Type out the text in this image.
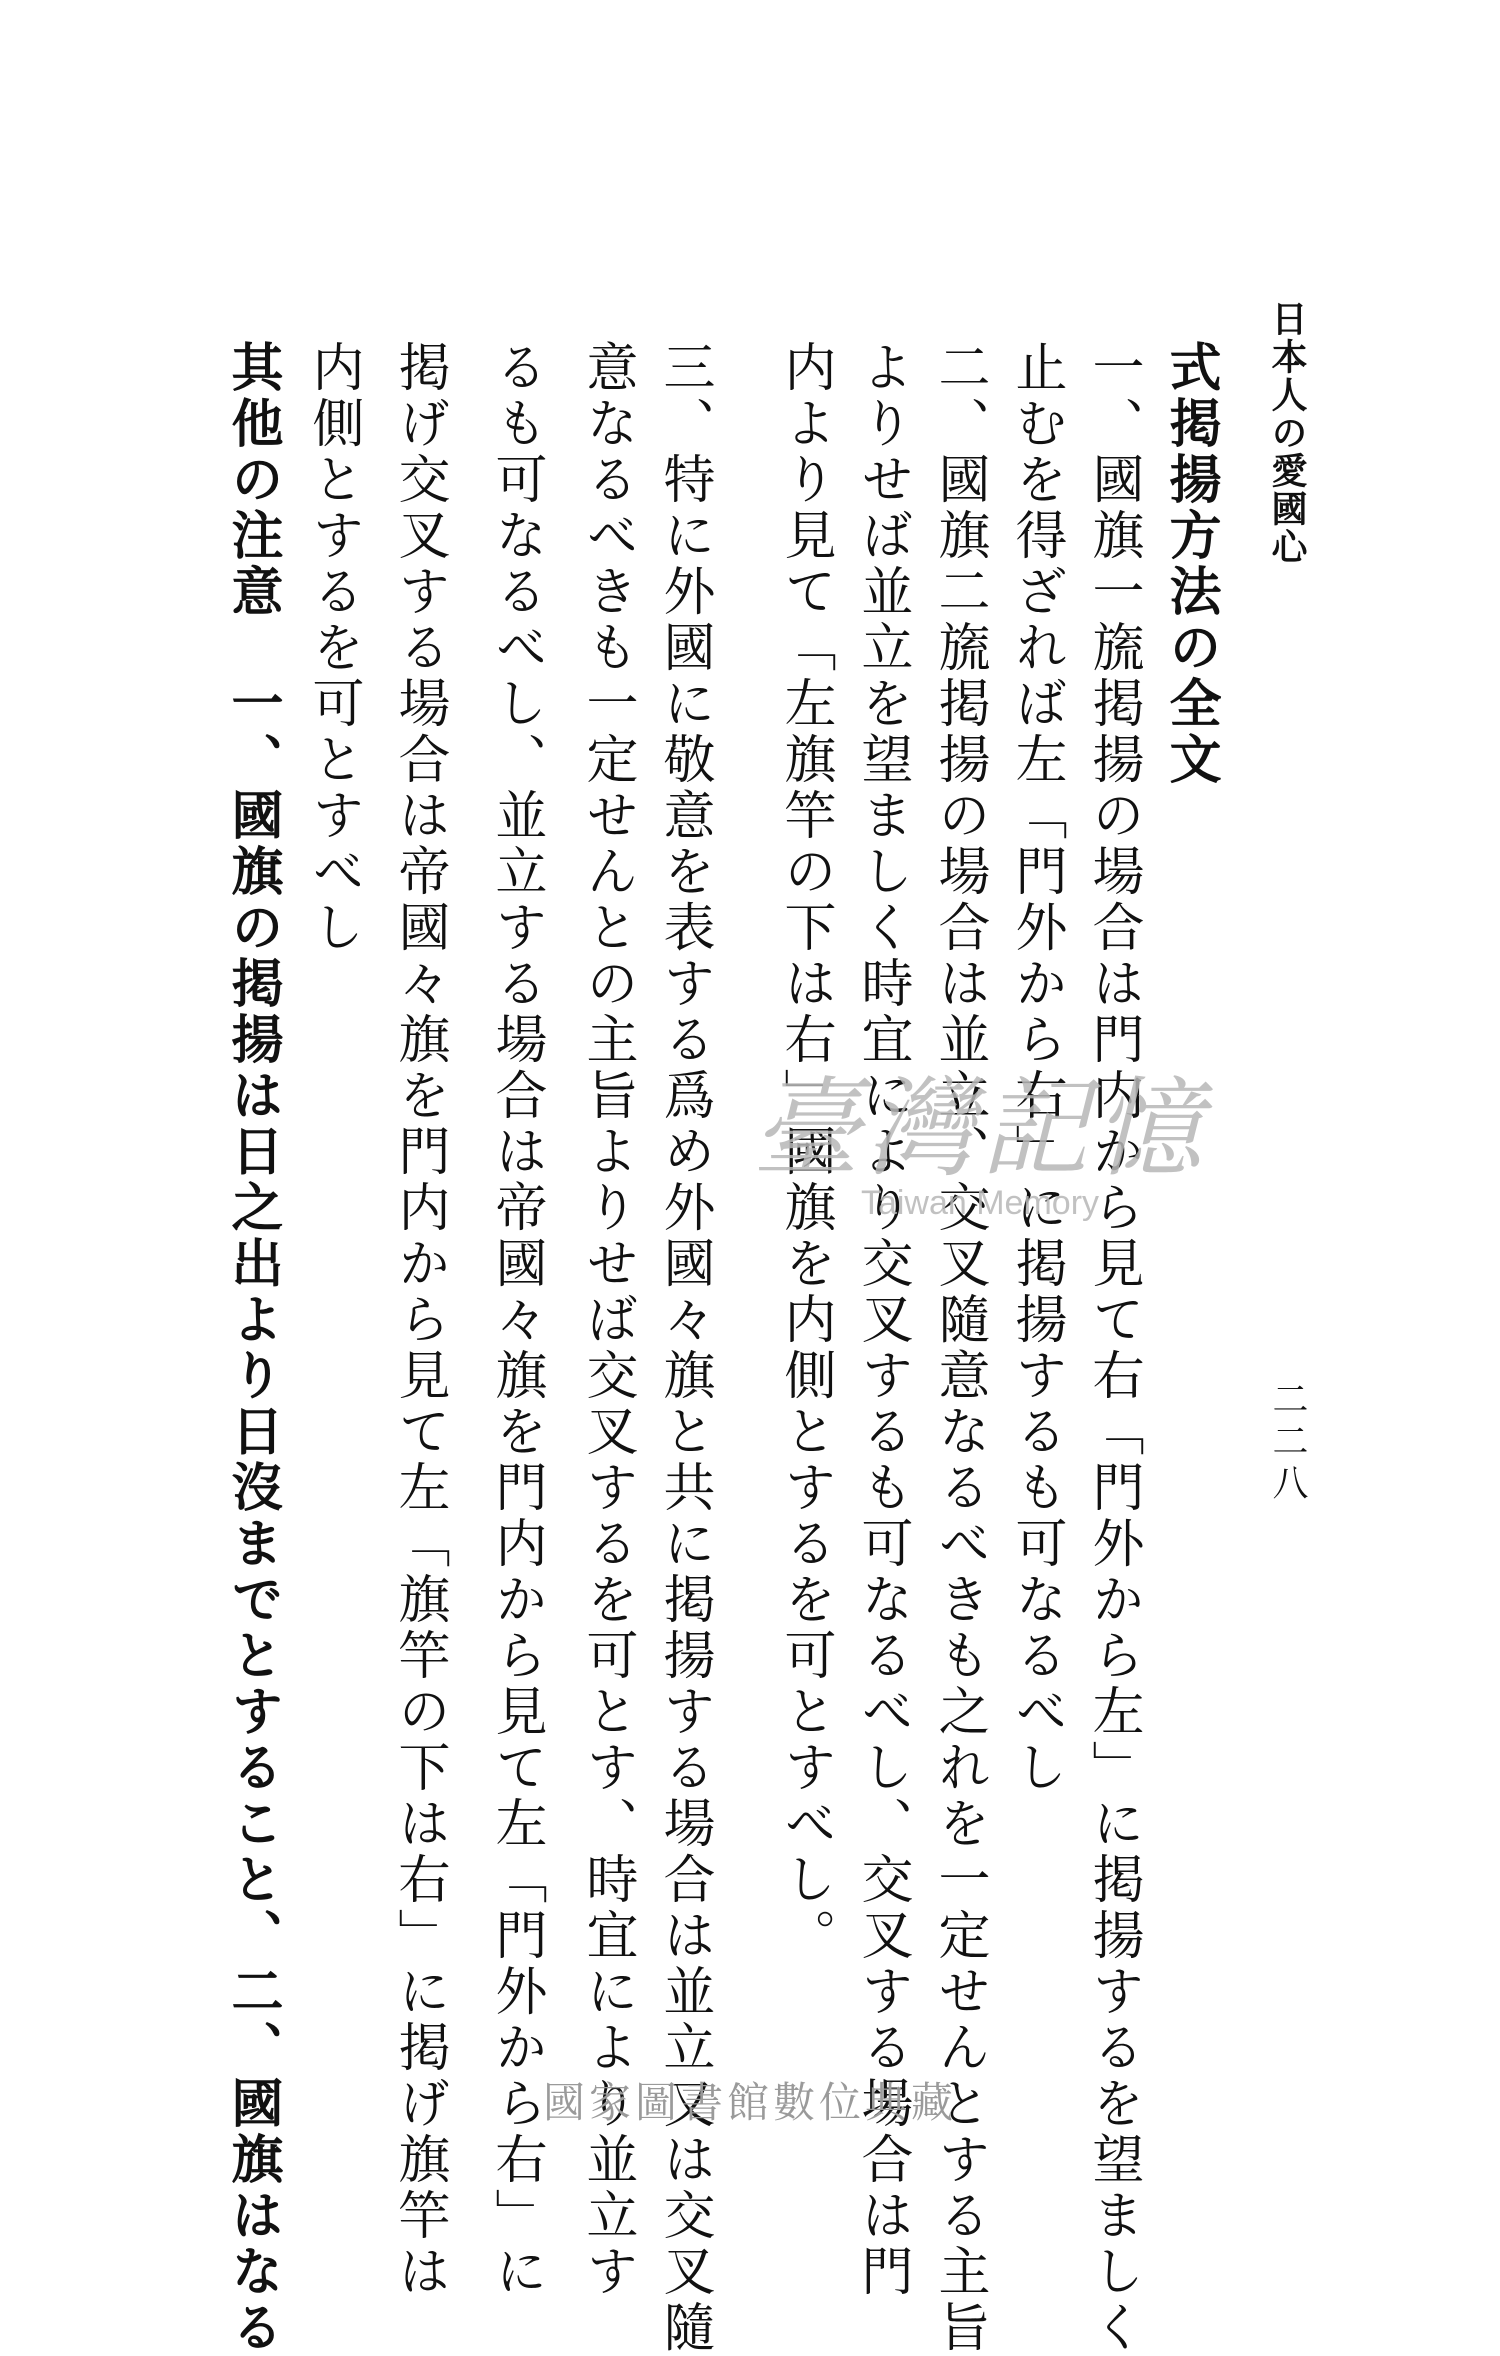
日本人の愛國心
二二八
式掲揚方法の全文
一、國旗一旒掲揚の場合は門内から見て右「門外から左」に掲揚するを望ましく
止むを得ざれば左「門外から右」に掲揚するも可なるべし
二、國旗二旒掲揚の場合は並立、交叉隨意なるべきも之れを一定せんとする主旨
よりせば並立を望ましく時宜により交叉するも可なるべし、交叉する場合は門
内より見て「左旗竿の下は右」國旗を内側とするを可とすべし。
三、特に外國に敬意を表する爲め外國々旗と共に掲揚する場合は並立又は交叉隨
意なるべきも一定せんとの主旨よりせば交叉するを可とす、時宜により並立す
るも可なるべし、並立する場合は帝國々旗を門内から見て左「門外から右」に
掲げ交叉する場合は帝國々旗を門内から見て左「旗竿の下は右」に掲げ旗竿は
内側とするを可とすべし
其他の注意　一、國旗の掲揚は日之出より日沒までとすること、二、國旗はなる	臺灣記憶
Taiwan Memory
國家圖書館數位典藏
